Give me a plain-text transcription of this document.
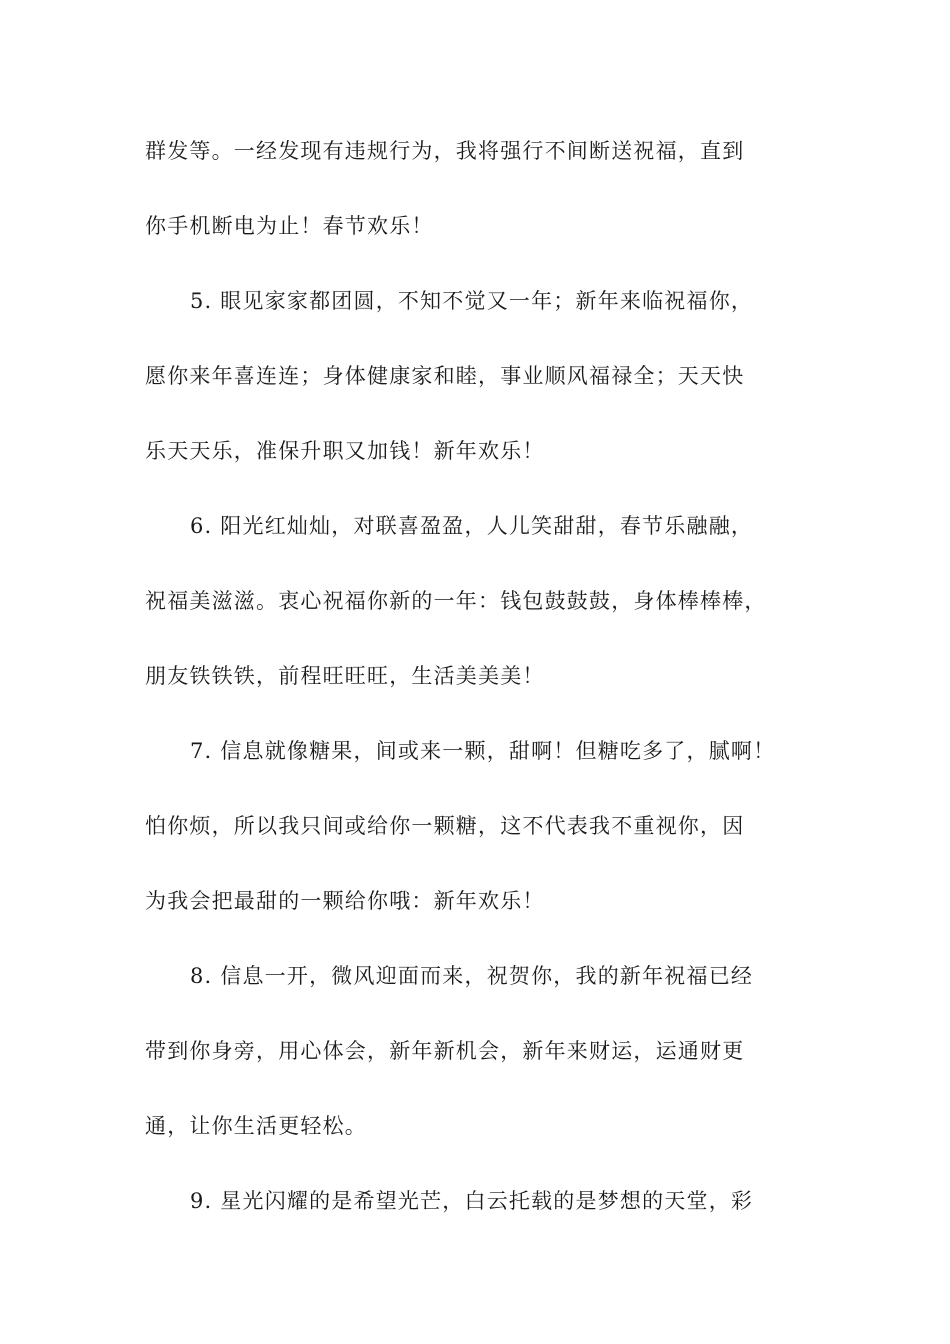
群发等。一经发现有违规行为，我将强行不间断送祝福，直到
你手机断电为止！春节欢乐！
5. 眼见家家都团圆，不知不觉又一年；新年来临祝福你，
愿你来年喜连连；身体健康家和睦，事业顺风福禄全；天天快
乐天天乐，准保升职又加钱！新年欢乐！
6. 阳光红灿灿，对联喜盈盈，人儿笑甜甜，春节乐融融，
祝福美滋滋。衷心祝福你新的一年：钱包鼓鼓鼓，身体棒棒棒，
朋友铁铁铁，前程旺旺旺，生活美美美！
7. 信息就像糖果，间或来一颗，甜啊！但糖吃多了，腻啊！
怕你烦，所以我只间或给你一颗糖，这不代表我不重视你，因
为我会把最甜的一颗给你哦：新年欢乐！
8. 信息一开，微风迎面而来，祝贺你，我的新年祝福已经
带到你身旁，用心体会，新年新机会，新年来财运，运通财更
通，让你生活更轻松。
9. 星光闪耀的是希望光芒，白云托载的是梦想的天堂，彩
